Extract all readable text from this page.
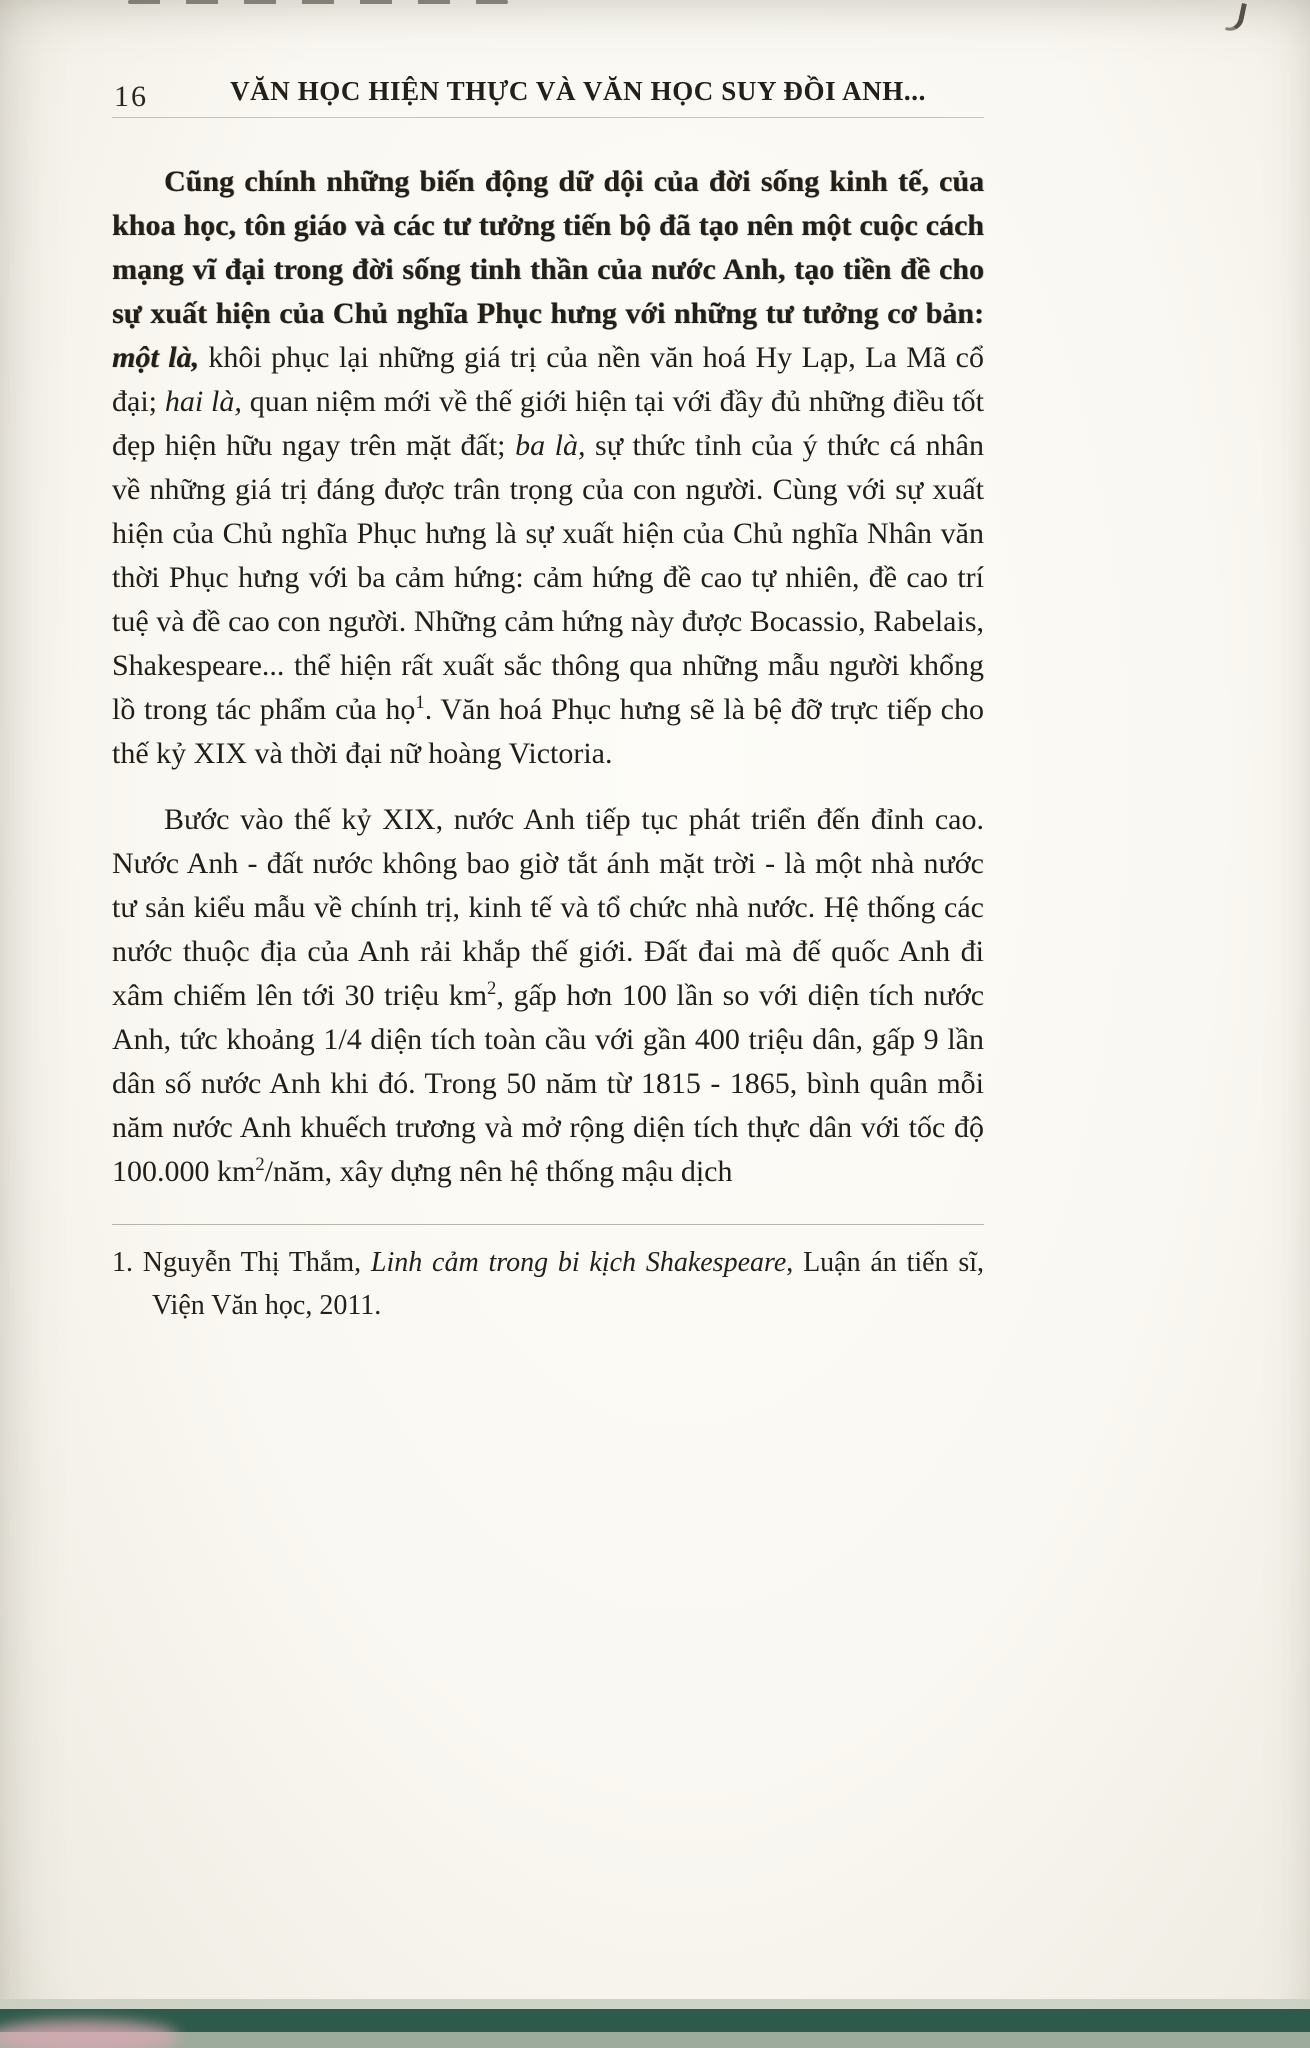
16	VĂN HỌC HIỆN THỰC VÀ VĂN HỌC SUY ĐỒI ANH...

Cũng chính những biến động dữ dội của đời sống kinh tế, của khoa học, tôn giáo và các tư tưởng tiến bộ đã tạo nên một cuộc cách mạng vĩ đại trong đời sống tinh thần của nước Anh, tạo tiền đề cho sự xuất hiện của Chủ nghĩa Phục hưng với những tư tưởng cơ bản: một là, khôi phục lại những giá trị của nền văn hoá Hy Lạp, La Mã cổ đại; hai là, quan niệm mới về thế giới hiện tại với đầy đủ những điều tốt đẹp hiện hữu ngay trên mặt đất; ba là, sự thức tỉnh của ý thức cá nhân về những giá trị đáng được trân trọng của con người. Cùng với sự xuất hiện của Chủ nghĩa Phục hưng là sự xuất hiện của Chủ nghĩa Nhân văn thời Phục hưng với ba cảm hứng: cảm hứng đề cao tự nhiên, đề cao trí tuệ và đề cao con người. Những cảm hứng này được Bocassio, Rabelais, Shakespeare... thể hiện rất xuất sắc thông qua những mẫu người khổng lồ trong tác phẩm của họ$^1$. Văn hoá Phục hưng sẽ là bệ đỡ trực tiếp cho thế kỷ XIX và thời đại nữ hoàng Victoria.

Bước vào thế kỷ XIX, nước Anh tiếp tục phát triển đến đỉnh cao. Nước Anh - đất nước không bao giờ tắt ánh mặt trời - là một nhà nước tư sản kiểu mẫu về chính trị, kinh tế và tổ chức nhà nước. Hệ thống các nước thuộc địa của Anh rải khắp thế giới. Đất đai mà đế quốc Anh đi xâm chiếm lên tới 30 triệu $km^2$, gấp hơn 100 lần so với diện tích nước Anh, tức khoảng 1/4 diện tích toàn cầu với gần 400 triệu dân, gấp 9 lần dân số nước Anh khi đó. Trong 50 năm từ 1815 - 1865, bình quân mỗi năm nước Anh khuếch trương và mở rộng diện tích thực dân với tốc độ 100.000 $km^2$/năm, xây dựng nên hệ thống mậu dịch

1. Nguyễn Thị Thắm, Linh cảm trong bi kịch Shakespeare, Luận án tiến sĩ, Viện Văn học, 2011.
